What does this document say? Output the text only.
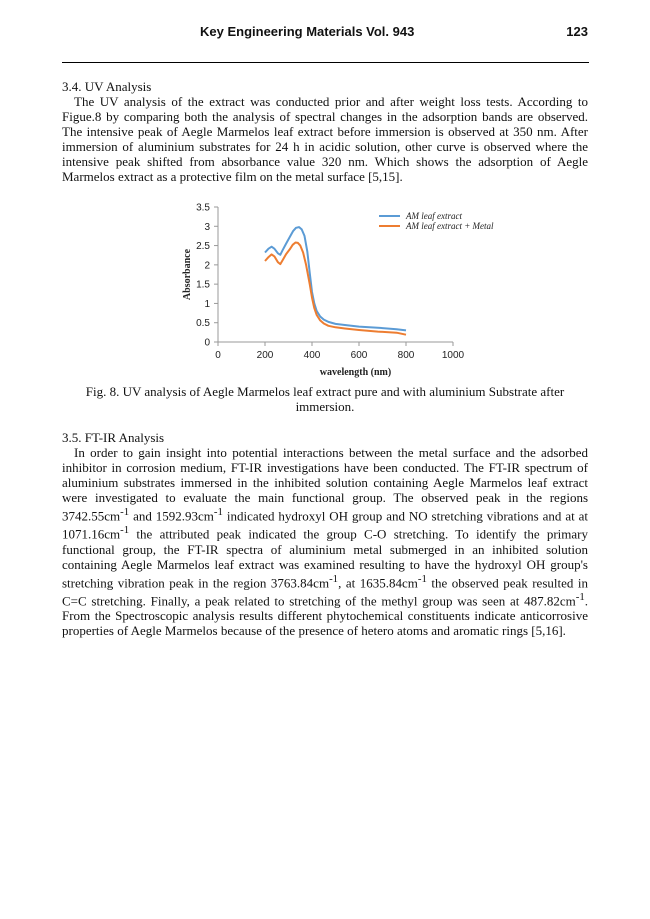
Key Engineering Materials Vol. 943	123

3.4. UV Analysis

The UV analysis of the extract was conducted prior and after weight loss tests. According to Figue.8 by comparing both the analysis of spectral changes in the adsorption bands are observed. The intensive peak of Aegle Marmelos leaf extract before immersion is observed at 350 nm. After immersion of aluminium substrates for 24 h in acidic solution, other curve is observed where the intensive peak shifted from absorbance value 320 nm. Which shows the adsorption of Aegle Marmelos extract as a protective film on the metal surface [5,15].

0
0.5
1
1.5
2
2.5
3
3.5
0	200	400	600	800	1000
AM leaf extract
AM leaf extract + Metal
Absorbance
wavelength (nm)
Fig. 8. UV analysis of Aegle Marmelos leaf extract pure and with aluminium Substrate after immersion.

3.5. FT-IR Analysis

In order to gain insight into potential interactions between the metal surface and the adsorbed inhibitor in corrosion medium, FT-IR investigations have been conducted. The FT-IR spectrum of aluminium substrates immersed in the inhibited solution containing Aegle Marmelos leaf extract were investigated to evaluate the main functional group. The observed peak in the regions $3742.55cm^{-1}$ and $1592.93cm^{-1}$ indicated hydroxyl OH group and NO stretching vibrations and at at $1071.16cm^{-1}$ the attributed peak indicated the group C-O stretching. To identify the primary functional group, the FT-IR spectra of aluminium metal submerged in an inhibited solution containing Aegle Marmelos leaf extract was examined resulting to have the hydroxyl OH group's stretching vibration peak in the region $3763.84cm^{-1}$, at $1635.84cm^{-1}$ the observed peak resulted in C=C stretching. Finally, a peak related to stretching of the methyl group was seen at $487.82cm^{-1}$. From the Spectroscopic analysis results different phytochemical constituents indicate anticorrosive properties of Aegle Marmelos because of the presence of hetero atoms and aromatic rings [5,16].
